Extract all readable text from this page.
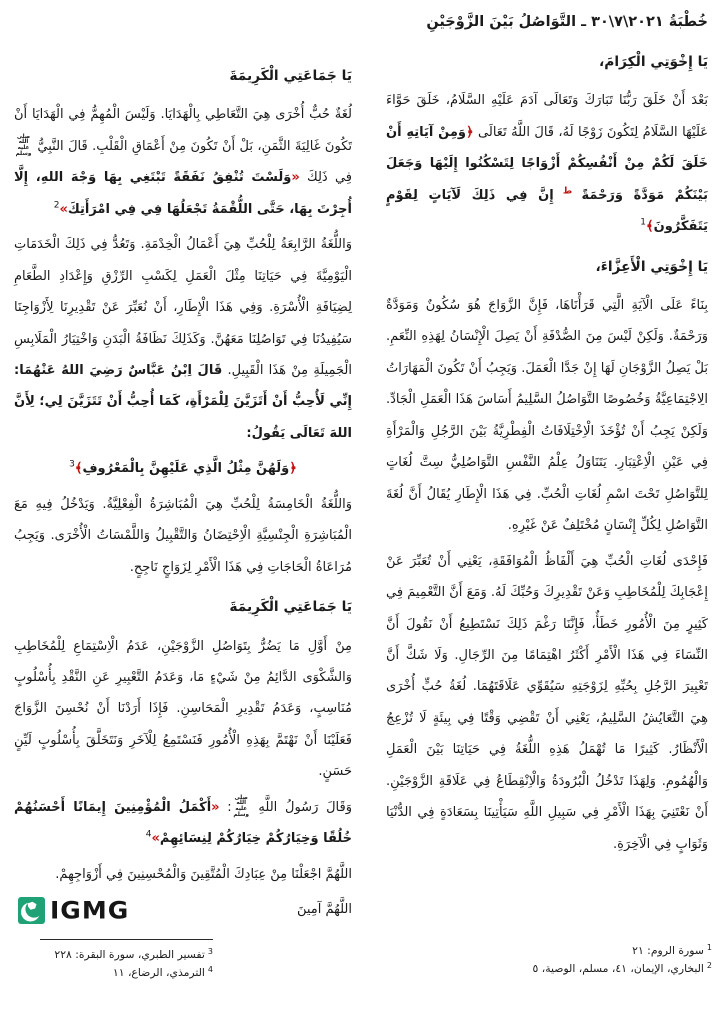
خُطْبَةُ ٢٠٢١\٧\٣٠ ـ التَّوَاصُلُ بَيْنَ الزَّوْجَيْنِ

يَا إِخْوَتِي الْكِرَامَ،

بَعْدَ أَنْ خَلَقَ رَبُّنَا تَبَارَكَ وَتَعَالَى آدَمَ عَلَيْهِ السَّلَامُ، خَلَقَ حَوَّاءَ عَلَيْهَا السَّلَامُ لِتَكُونَ زَوْجًا لَهُ، قَالَ اللَّهُ تَعَالَى ﴿وَمِنْ آيَاتِهِ أَنْ خَلَقَ لَكُمْ مِنْ أَنْفُسِكُمْ أَزْوَاجًا لِتَسْكُنُوا إِلَيْهَا وَجَعَلَ بَيْنَكُمْ مَوَدَّةً وَرَحْمَةً $^ط$ إِنَّ فِي ذَلِكَ لَآيَاتٍ لِقَوْمٍ يَتَفَكَّرُونَ﴾$^1$

يَا إِخْوَتِي الْأَعِزَّاءَ،

بِنَاءً عَلَى الْآيَةِ الَّتِي قَرَأْنَاهَا، فَإِنَّ الزَّوَاجَ هُوَ سُكُونٌ وَمَوَدَّةٌ وَرَحْمَةٌ. وَلَكِنْ لَيْسَ مِنَ الصُّدْفَةِ أَنْ يَصِلَ الْإِنْسَانُ لِهَذِهِ النِّعَمِ. بَلْ يَصِلُ الزَّوْجَانِ لَهَا إِنْ جَدَّا الْعَمَلَ. وَيَجِبُ أَنْ تَكُونَ الْمَهَارَاتُ الِاجْتِمَاعِيَّةُ وَخُصُوصًا التَّوَاصُلُ السَّلِيمُ أَسَاسَ هَذَا الْعَمَلِ الْجَادِّ. وَلَكِنْ يَجِبُ أَنْ تُؤْخَذَ الْاِخْتِلَافَاتُ الْفِطْرِيَّةُ بَيْنَ الرَّجُلِ وَالْمَرْأَةِ فِي عَيْنِ الْاِعْتِبَارِ. يَتَنَاوَلُ عِلْمُ النَّفْسِ التَّوَاصُلِيُّ سِتَّ لُغَاتٍ لِلتَّوَاصُلِ تَحْتَ اسْمِ لُغَاتِ الْحُبِّ. فِي هَذَا الْإِطَارِ يُقَالُ أَنَّ لُغَةَ التَّوَاصُلِ لِكُلِّ إِنْسَانٍ مُخْتَلِفٌ عَنْ غَيْرِهِ.

فَإِحْدَى لُغَاتِ الْحُبِّ هِيَ أَلْفَاظُ الْمُوَافَقَةِ، يَعْنِي أَنْ تُعَبِّرَ عَنْ إِعْجَابِكَ لِلْمُخَاطِبِ وَعَنْ تَقْدِيرِكَ وَحُبِّكَ لَهُ. وَمَعَ أَنَّ التَّعْمِيمَ فِي كَثِيرٍ مِنَ الْأُمُورِ خَطَأٌ، فَإِنَّنَا رَغْمَ ذَلِكَ نَسْتَطِيعُ أَنْ نَقُولَ أَنَّ النِّسَاءَ فِي هَذَا الْأَمْرِ أَكْثَرُ اهْتِمَامًا مِنَ الرِّجَالِ. وَلَا شَكَّ أَنَّ تَعْبِيرَ الرَّجُلِ بِحُبِّهِ لِزَوْجَتِهِ سَيُقَوِّي عَلَاقَتَهُمَا. لُغَةُ حُبٍّ أُخْرَى هِيَ التَّعَايُشُ السَّلِيمُ، يَعْنِي أَنْ تَقْضِي وَقْتًا فِي بِيئَةٍ لَا تُزْعِجُ الْأَنْظَارُ. كَثِيرًا مَا تُهْمَلُ هَذِهِ اللُّغَةُ فِي حَيَاتِنَا بَيْنَ الْعَمَلِ وَالْهُمُومِ. وَلِهَذَا تَدْخُلُ الْبُرُودَةُ وَالْاِنْقِطَاعُ فِي عَلَاقَةِ الزَّوْجَيْنِ. أَنْ نَعْتَنِيَ بِهَذَا الْأَمْرِ فِي سَبِيلِ اللَّهِ سَيَأْتِينَا بِسَعَادَةٍ فِي الدُّنْيَا وَثَوَابٍ فِي الْآخِرَةِ.

يَا جَمَاعَتِي الْكَرِيمَةَ

لُغَةٌ حُبٌّ أُخْرَى هِيَ التَّعَاطِي بِالْهَدَايَا. وَلَيْسَ الْمُهِمُّ فِي الْهَدَايَا أَنْ تَكُونَ غَالِيَةَ الثَّمَنِ، بَلْ أَنْ تَكُونَ مِنْ أَعْمَاقِ الْقَلْبِ. قَالَ النَّبِيُّ صلى الله عليه وسلم فِي ذَلِكَ «وَلَسْتَ تُنْفِقُ نَفَقَةً تَبْتَغِي بِهَا وَجْهَ اللهِ، إِلَّا أُجِرْتَ بِهَا، حَتَّى اللُّقْمَةُ تَجْعَلُهَا فِي فِي امْرَأَتِكَ»$^2$

وَاللُّغَةُ الرَّابِعَةُ لِلْحُبِّ هِيَ أَعْمَالُ الْخِدْمَةِ. وَتَعُدُّ فِي ذَلِكَ الْخَدَمَاتِ الْيَوْمِيَّةَ فِي حَيَاتِنَا مِثْلَ الْعَمَلِ لِكَسْبِ الرِّزْقِ وَإِعْدَادِ الطَّعَامِ لِضِيَافَةِ الْأُسْرَةِ. وَفِي هَذَا الْإِطَارِ، أَنْ نُعَبِّرَ عَنْ تَقْدِيرِنَا لِأَزْوَاجِنَا سَيُفِيدُنَا فِي تَوَاصُلِنَا مَعَهُنَّ. وَكَذَلِكَ نَظَافَةُ الْبَدَنِ وَاخْتِيَارُ الْمَلَابِسِ الْجَمِيلَةِ مِنْ هَذَا الْقَبِيلِ. قَالَ اِبْنُ عَبَّاسٌ رَضِيَ اللهُ عَنْهُمَا: إِنِّي لَأُحِبُّ أَنْ أَتَزَيَّنَ لِلْمَرْأَةِ، كَمَا أُحِبُّ أَنْ تَتَزَيَّنَ لِي؛ لِأَنَّ اللهَ تَعَالَى يَقُولُ:

﴿وَلَهُنَّ مِثْلُ الَّذِي عَلَيْهِنَّ بِالْمَعْرُوفِ﴾$^3$

وَاللُّغَةُ الْخَامِسَةُ لِلْحُبِّ هِيَ الْمُبَاشِرَةُ الْفِعْلِيَّةُ. وَيَدْخُلُ فِيهِ مَعَ الْمُبَاشِرَةِ الْجِنْسِيَّةِ الْاِحْتِضَانُ وَالتَّقْبِيلُ وَاللَّمْسَاتُ الْأُخْرَى. وَيَجِبُ مُرَاعَاةُ الْحَاجَاتِ فِي هَذَا الْأَمْرِ لِزَوَاجٍ نَاجِحٍ.

يَا جَمَاعَتِي الْكَرِيمَةَ

مِنْ أَوَّلِ مَا يَضُرُّ بِتَوَاصُلِ الزَّوْجَيْنِ، عَدَمُ الْاِسْتِمَاعِ لِلْمُخَاطِبِ وَالشَّكْوَى الدَّائِمُ مِنْ شَيْءٍ مَا، وَعَدَمُ التَّعْبِيرِ عَنِ النَّقْدِ بِأُسْلُوبٍ مُنَاسِبٍ، وَعَدَمُ تَقْدِيرِ الْمَحَاسِنِ. فَإِذَا أَرَدْنَا أَنْ نُحْسِنَ الزَّوَاجَ فَعَلَيْنَا أَنْ نَهْتَمَّ بِهَذِهِ الْأُمُورِ فَنَسْتَمِعُ لِلْآخَرِ وَنَتَخَلَّقَ بِأُسْلُوبٍ لَيِّنٍ حَسَنٍ.

وَقَالَ رَسُولُ اللَّهِ صلى الله عليه وسلم: «أَكْمَلُ الْمُؤْمِنِينَ إِيمَانًا أَحْسَنُهُمْ خُلُقًا وَخِيَارُكُمْ خِيَارُكُمْ لِنِسَائِهِمْ»$^4$

اللَّهُمَّ اجْعَلْنَا مِنْ عِبَادِكَ الْمُتَّقِينَ وَالْمُحْسِنِينَ فِي أَزْوَاجِهِمْ.

اللَّهُمَّ آمِينَ

IGMG
$^3$تفسير الطبري، سورة البقرة: ٢٢٨
$^4$الترمذي، الرضاع، ١١
$^1$سورة الروم: ٢١
$^2$البخاري، الإيمان، ٤١، مسلم، الوصية، ٥
